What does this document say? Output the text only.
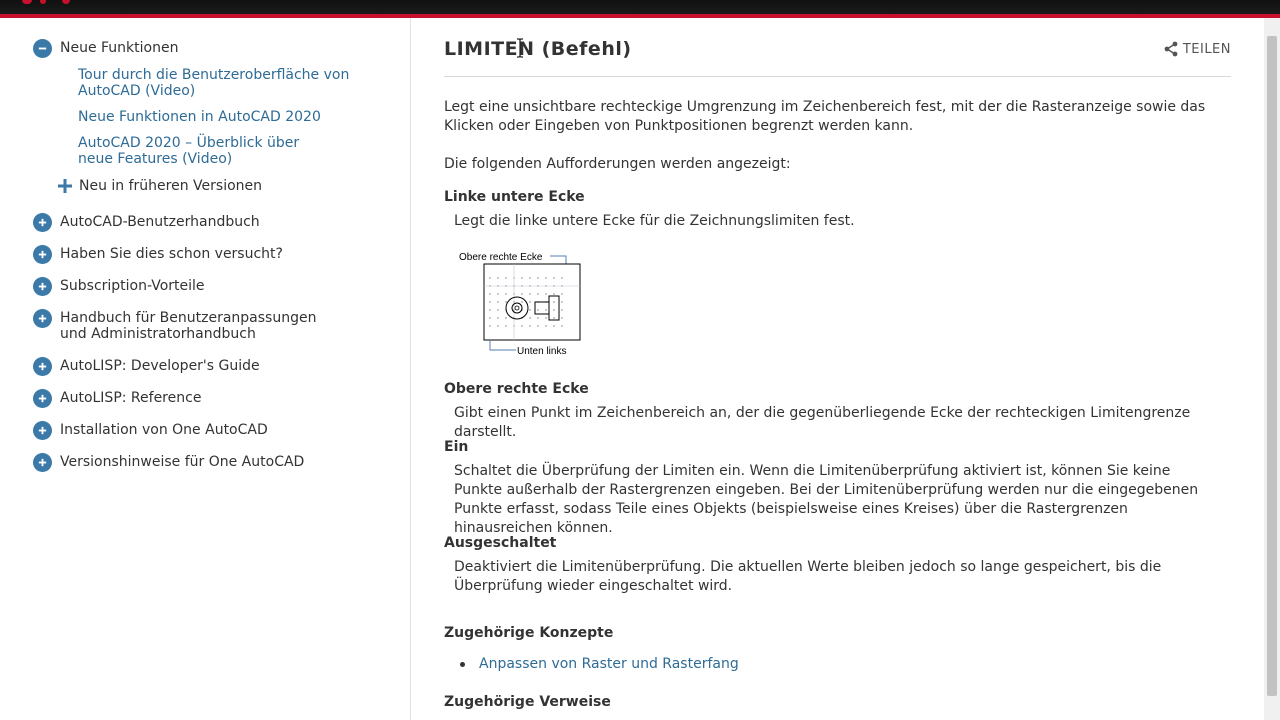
Neue Funktionen
Tour durch die Benutzeroberfläche von AutoCAD (Video)
Neue Funktionen in AutoCAD 2020
AutoCAD 2020 – Überblick über neue Features (Video)
Neu in früheren Versionen
AutoCAD-Benutzerhandbuch
Haben Sie dies schon versucht?
Subscription-Vorteile
Handbuch für Benutzeranpassungen und Administratorhandbuch
AutoLISP: Developer's Guide
AutoLISP: Reference
Installation von One AutoCAD
Versionshinweise für One AutoCAD
LIMITEN (Befehl)	TEILEN

Legt eine unsichtbare rechteckige Umgrenzung im Zeichenbereich fest, mit der die Rasteranzeige sowie das Klicken oder Eingeben von Punktpositionen begrenzt werden kann.

Die folgenden Aufforderungen werden angezeigt:

Linke untere Ecke

Legt die linke untere Ecke für die Zeichnungslimiten fest.

Obere rechte Ecke
Unten links
Obere rechte Ecke

Gibt einen Punkt im Zeichenbereich an, der die gegenüberliegende Ecke der rechteckigen Limitengrenze darstellt.

Ein

Schaltet die Überprüfung der Limiten ein. Wenn die Limitenüberprüfung aktiviert ist, können Sie keine Punkte außerhalb der Rastergrenzen eingeben. Bei der Limitenüberprüfung werden nur die eingegebenen Punkte erfasst, sodass Teile eines Objekts (beispielsweise eines Kreises) über die Rastergrenzen hinausreichen können.

Ausgeschaltet

Deaktiviert die Limitenüberprüfung. Die aktuellen Werte bleiben jedoch so lange gespeichert, bis die Überprüfung wieder eingeschaltet wird.

Zugehörige Konzepte
Anpassen von Raster und Rasterfang
Zugehörige Verweise
